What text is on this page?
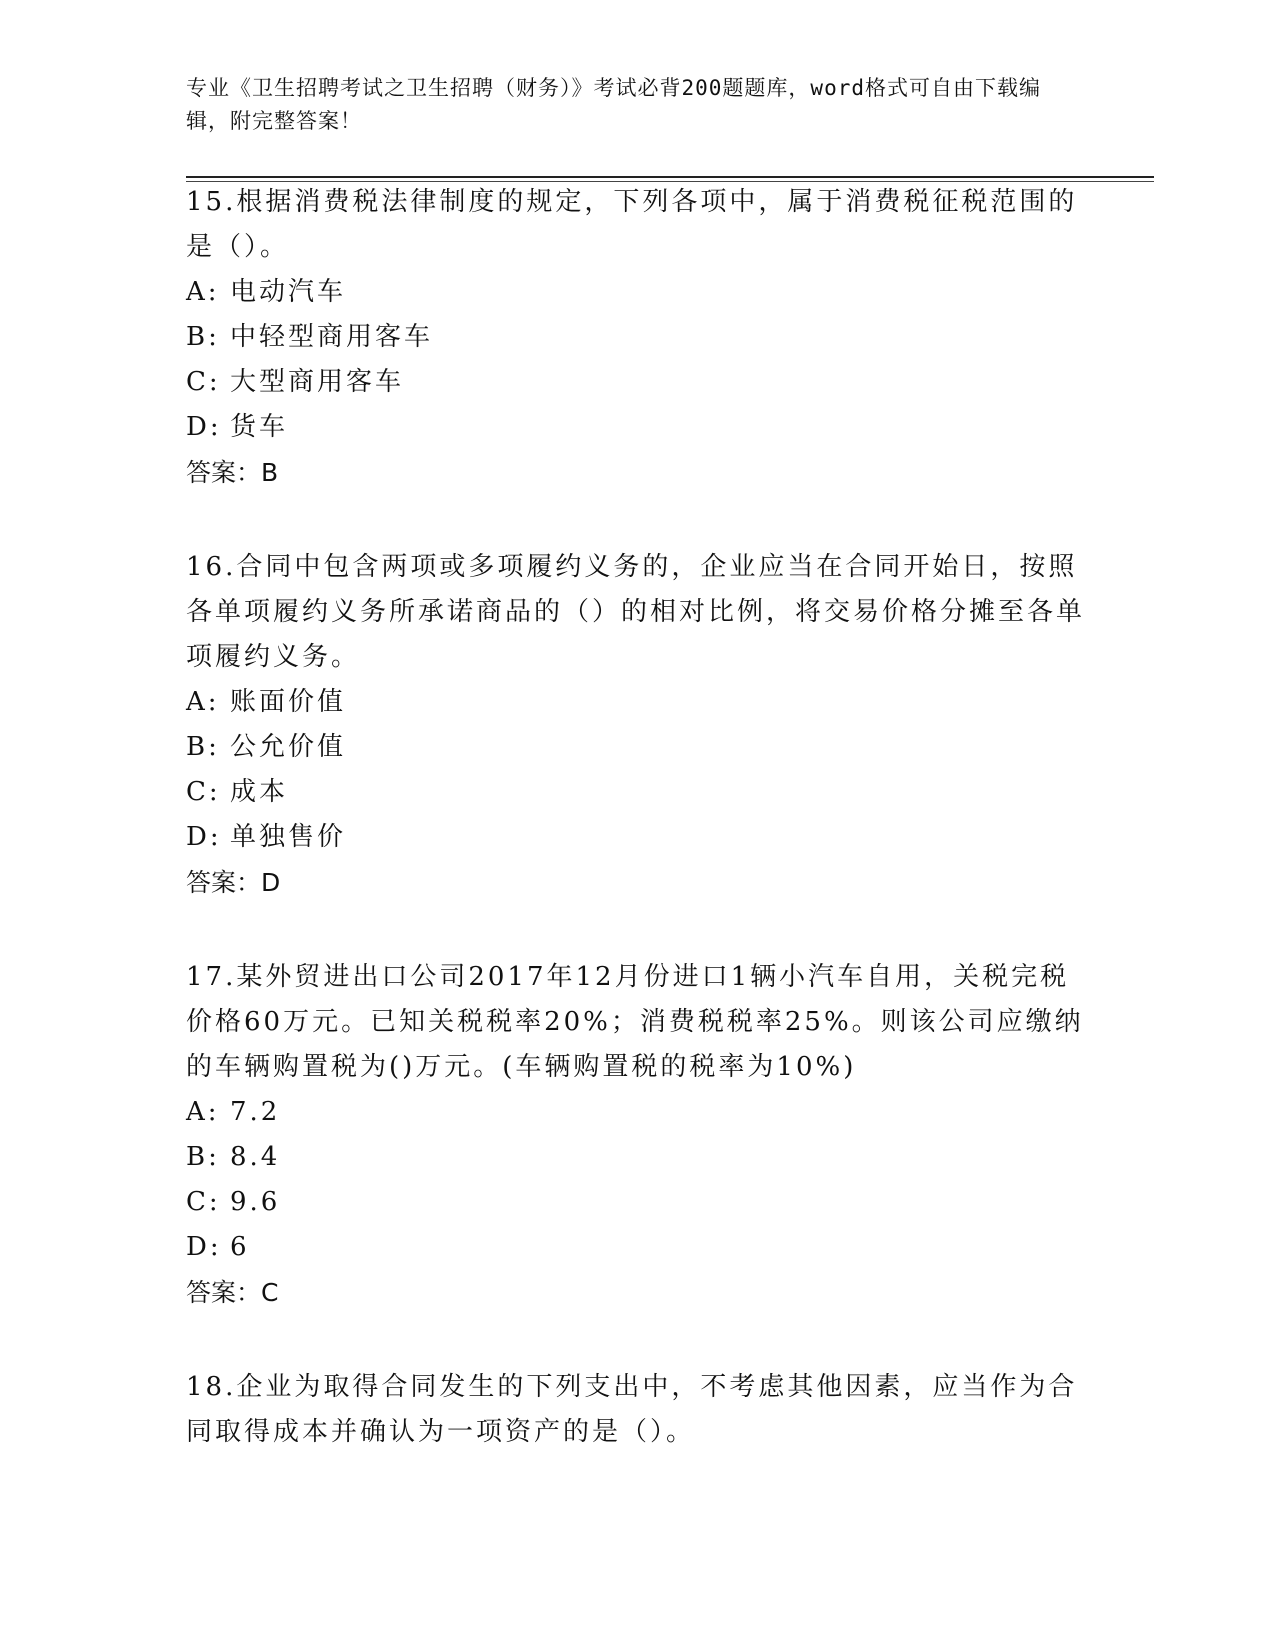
专业《卫生招聘考试之卫生招聘（财务）》考试必背200题题库，word格式可自由下载编辑，附完整答案！

15.根据消费税法律制度的规定，下列各项中，属于消费税征税范围的是（）。

A: 电动汽车

B: 中轻型商用客车

C: 大型商用客车

D: 货车

答案：B

16.合同中包含两项或多项履约义务的，企业应当在合同开始日，按照各单项履约义务所承诺商品的（）的相对比例，将交易价格分摊至各单项履约义务。

A: 账面价值

B: 公允价值

C: 成本

D: 单独售价

答案：D

17.某外贸进出口公司2017年12月份进口1辆小汽车自用，关税完税价格60万元。已知关税税率20%；消费税税率25%。则该公司应缴纳的车辆购置税为()万元。(车辆购置税的税率为10%)

A: 7.2

B: 8.4

C: 9.6

D: 6

答案：C

18.企业为取得合同发生的下列支出中，不考虑其他因素，应当作为合同取得成本并确认为一项资产的是（）。
